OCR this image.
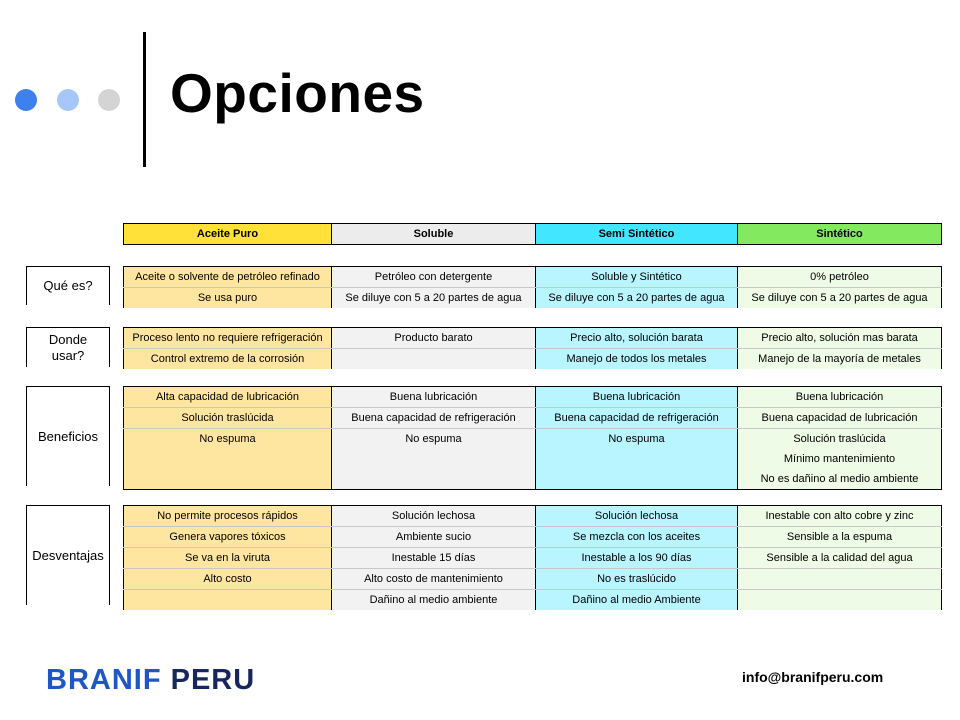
Opciones
Aceite Puro	Soluble	Semi Sintético	Sintético
Qué es?
Aceite o solvente de petróleo refinado	Petróleo con detergente	Soluble y Sintético	0% petróleo
Se usa puro	Se diluye con 5 a 20 partes de agua	Se diluye con 5 a 20 partes de agua	Se diluye con 5 a 20 partes de agua
Donde usar?
Proceso lento no requiere refrigeración	Producto barato	Precio alto, solución barata	Precio alto, solución mas barata
Control extremo de la corrosión		Manejo de todos los metales	Manejo de la mayoría de metales
Beneficios
Alta capacidad de lubricación	Buena lubricación	Buena lubricación	Buena lubricación
Solución traslúcida	Buena capacidad de refrigeración	Buena capacidad de refrigeración	Buena capacidad de lubricación
No espuma	No espuma	No espuma	Solución traslúcida
			Mínimo mantenimiento
			No es dañino al medio ambiente
Desventajas
No permite procesos rápidos	Solución lechosa	Solución lechosa	Inestable con alto cobre y zinc
Genera vapores tóxicos	Ambiente sucio	Se mezcla con los aceites	Sensible a la espuma
Se va en la viruta	Inestable 15 días	Inestable a los 90 días	Sensible a la calidad del agua
Alto costo	Alto costo de mantenimiento	No es traslúcido	
	Dañino al medio ambiente	Dañino al medio Ambiente	
BRANIF PERU	info@branifperu.com
